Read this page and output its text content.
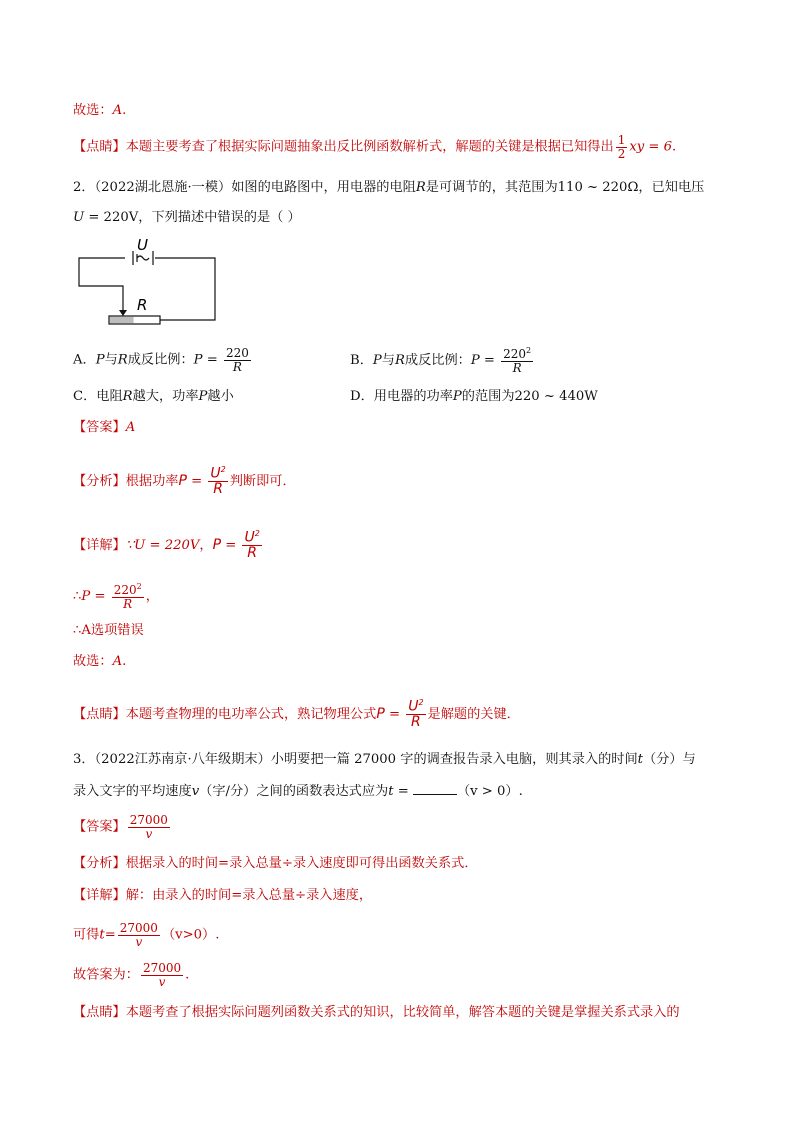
故选：A.
【点睛】本题主要考查了根据实际问题抽象出反比例函数解析式，解题的关键是根据已知得出 $\frac{1}{2}$ xy = 6.
2．（2022湖北恩施·一模）如图的电路图中，用电器的电阻R是可调节的，其范围为110 ~ 220Ω，已知电压
U = 220V，下列描述中错误的是（ ）
U
R
A．P与R成反比例：$P = \frac{220}{R}$	B．P与R成反比例：$P = \frac{220^2}{R}$
C．电阻R越大，功率P越小	D．用电器的功率P的范围为220 ~ 440W
【答案】A
【分析】根据功率$P = \frac{U^2}{R}$ 判断即可．
【详解】∵U = 220V，$P = \frac{U^2}{R}$
∴P = $\frac{220^2}{R}$ ，
∴A选项错误
故选：A.
【点睛】本题考查物理的电功率公式，熟记物理公式$P = \frac{U^2}{R}$ 是解题的关键．
3．（2022江苏南京·八年级期末）小明要把一篇 27000 字的调查报告录入电脑，则其录入的时间t（分）与
录入文字的平均速度v（字/分）之间的函数表达式应为t =	（v > 0）.
【答案】 $\frac{27000}{v}$
【分析】根据录入的时间=录入总量÷录入速度即可得出函数关系式．
【详解】解：由录入的时间=录入总量÷录入速度，
可得$t= \frac{27000}{v} (v>0)$.
故答案为： $\frac{27000}{v}$ .
【点睛】本题考查了根据实际问题列函数关系式的知识，比较简单，解答本题的关键是掌握关系式录入的
